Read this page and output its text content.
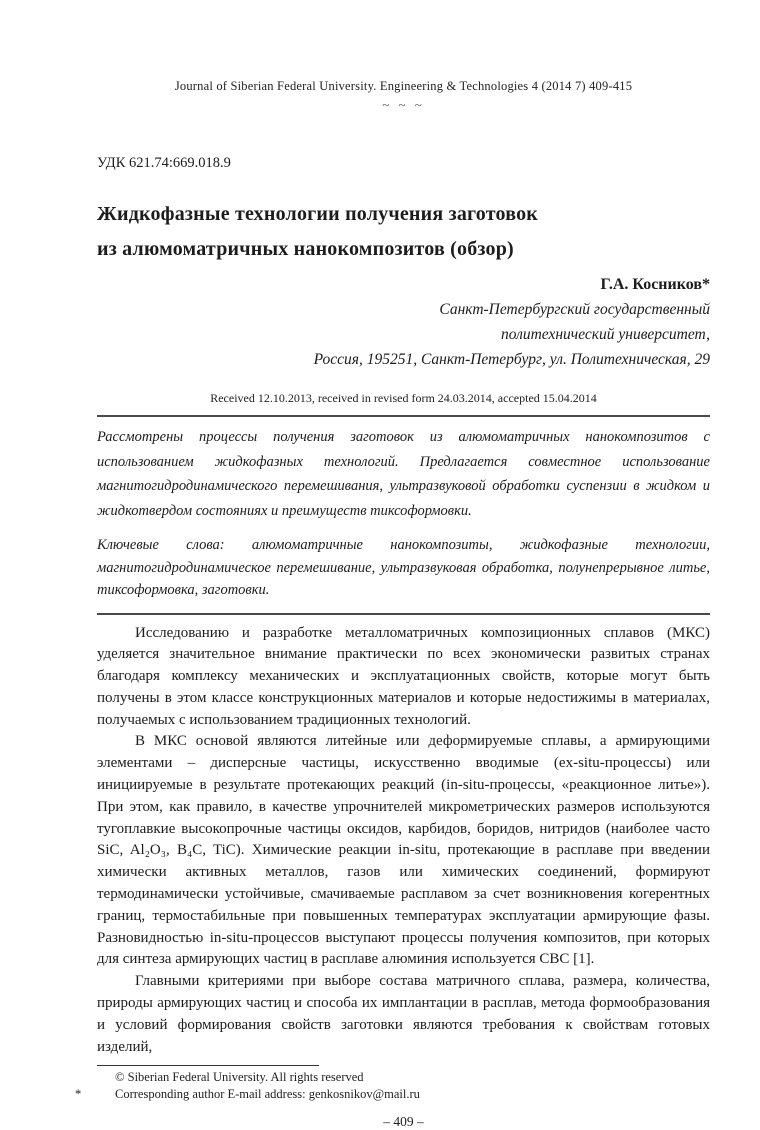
Journal of Siberian Federal University. Engineering & Technologies 4 (2014 7) 409-415
~ ~ ~
УДК 621.74:669.018.9
Жидкофазные технологии получения заготовок
из алюмоматричных нанокомпозитов (обзор)
Г.А. Косников*
Санкт-Петербургский государственный
политехнический университет,
Россия, 195251, Санкт-Петербург, ул. Политехническая, 29
Received 12.10.2013, received in revised form 24.03.2014, accepted 15.04.2014
Рассмотрены процессы получения заготовок из алюмоматричных нанокомпозитов с использованием жидкофазных технологий. Предлагается совместное использование магнитогидродинамического перемешивания, ультразвуковой обработки суспензии в жидком и жидкотвердом состояниях и преимуществ тиксоформовки.
Ключевые слова: алюмоматричные нанокомпозиты, жидкофазные технологии, магнитогидродинамическое перемешивание, ультразвуковая обработка, полунепрерывное литье, тиксоформовка, заготовки.

Исследованию и разработке металломатричных композиционных сплавов (МКС) уделяется значительное внимание практически по всех экономически развитых странах благодаря комплексу механических и эксплуатационных свойств, которые могут быть получены в этом классе конструкционных материалов и которые недостижимы в материалах, получаемых с использованием традиционных технологий.

В МКС основой являются литейные или деформируемые сплавы, а армирующими элементами – дисперсные частицы, искусственно вводимые (ex-situ-процессы) или инициируемые в результате протекающих реакций (in-situ-процессы, «реакционное литье»). При этом, как правило, в качестве упрочнителей микрометрических размеров используются тугоплавкие высокопрочные частицы оксидов, карбидов, боридов, нитридов (наиболее часто SiC, Al₂O₃, B₄C, TiC). Химические реакции in-situ, протекающие в расплаве при введении химически активных металлов, газов или химических соединений, формируют термодинамически устойчивые, смачиваемые расплавом за счет возникновения когерентных границ, термостабильные при повышенных температурах эксплуатации армирующие фазы. Разновидностью in-situ-процессов выступают процессы получения композитов, при которых для синтеза армирующих частиц в расплаве алюминия используется СВС [1].

Главными критериями при выборе состава матричного сплава, размера, количества, природы армирующих частиц и способа их имплантации в расплав, метода формообразования и условий формирования свойств заготовки являются требования к свойствам готовых изделий,

© Siberian Federal University. All rights reserved
*	Corresponding author E-mail address: genkosnikov@mail.ru
– 409 –
